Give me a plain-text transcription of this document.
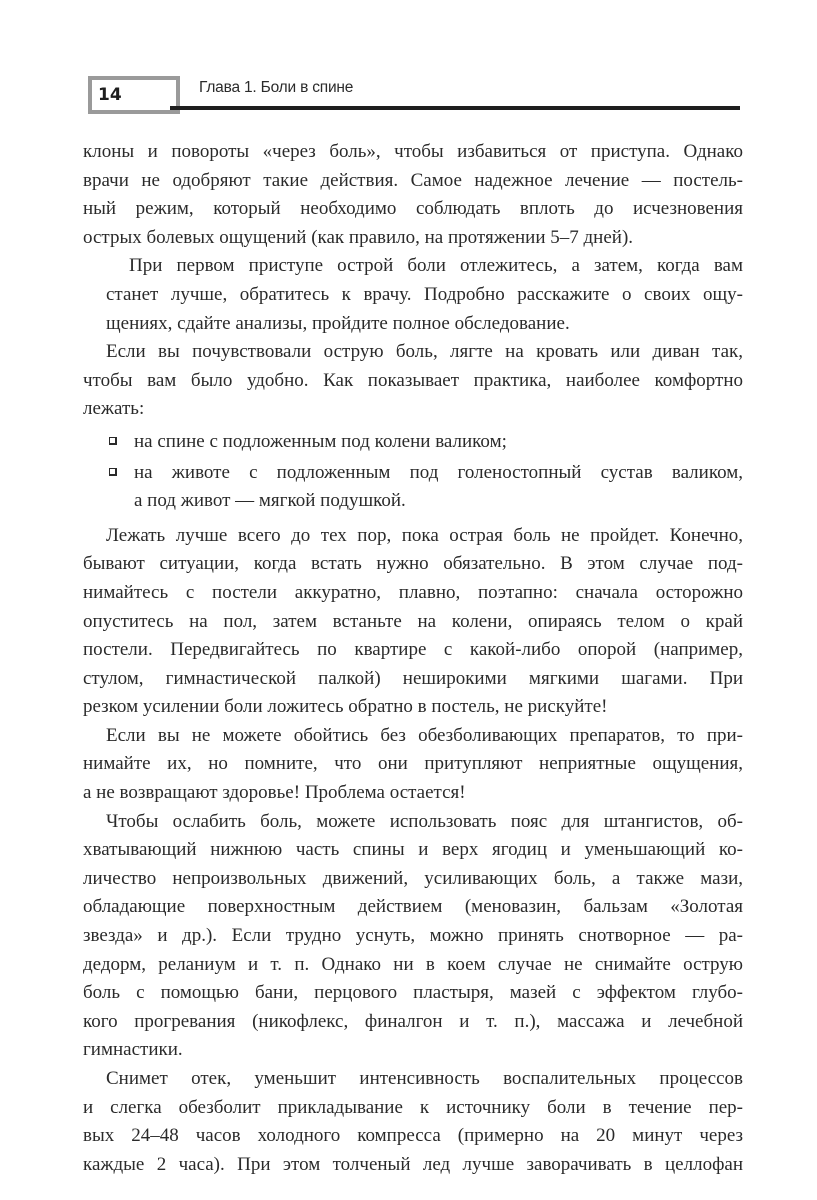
14	Глава 1. Боли в спине

клоны и повороты «через боль», чтобы избавиться от приступа. Однако
врачи не одобряют такие действия. Самое надежное лечение — постель-
ный режим, который необходимо соблюдать вплоть до исчезновения
острых болевых ощущений (как правило, на протяжении 5–7 дней).

При первом приступе острой боли отлежитесь, а затем, когда вам
станет лучше, обратитесь к врачу. Подробно расскажите о своих ощу-
щениях, сдайте анализы, пройдите полное обследование.

Если вы почувствовали острую боль, лягте на кровать или диван так,
чтобы вам было удобно. Как показывает практика, наиболее комфортно
лежать:

на спине с подложенным под колени валиком;
на животе с подложенным под голеностопный сустав валиком,
а под живот — мягкой подушкой.

Лежать лучше всего до тех пор, пока острая боль не пройдет. Конечно,
бывают ситуации, когда встать нужно обязательно. В этом случае под-
нимайтесь с постели аккуратно, плавно, поэтапно: сначала осторожно
опуститесь на пол, затем встаньте на колени, опираясь телом о край
постели. Передвигайтесь по квартире с какой-либо опорой (например,
стулом, гимнастической палкой) неширокими мягкими шагами. При
резком усилении боли ложитесь обратно в постель, не рискуйте!

Если вы не можете обойтись без обезболивающих препаратов, то при-
нимайте их, но помните, что они притупляют неприятные ощущения,
а не возвращают здоровье! Проблема остается!

Чтобы ослабить боль, можете использовать пояс для штангистов, об-
хватывающий нижнюю часть спины и верх ягодиц и уменьшающий ко-
личество непроизвольных движений, усиливающих боль, а также мази,
обладающие поверхностным действием (меновазин, бальзам «Золотая
звезда» и др.). Если трудно уснуть, можно принять снотворное — ра-
дедорм, реланиум и т. п. Однако ни в коем случае не снимайте острую
боль с помощью бани, перцового пластыря, мазей с эффектом глубо-
кого прогревания (никофлекс, финалгон и т. п.), массажа и лечебной
гимнастики.

Снимет отек, уменьшит интенсивность воспалительных процессов
и слегка обезболит прикладывание к источнику боли в течение пер-
вых 24–48 часов холодного компресса (примерно на 20 минут через
каждые 2 часа). При этом толченый лед лучше заворачивать в целлофан
